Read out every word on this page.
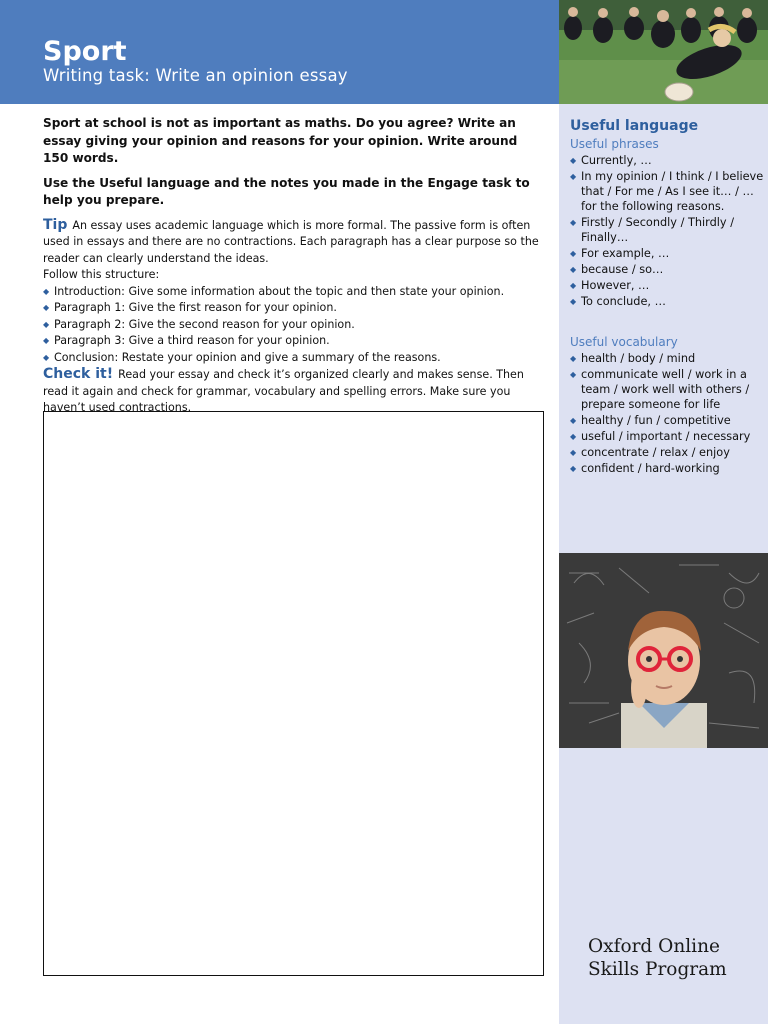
Sport
Writing task: Write an opinion essay
Useful language
Useful phrases
◆ Currently, …
◆ In my opinion / I think / I believe that / For me / As I see it… / …for the following reasons.
◆ Firstly / Secondly / Thirdly / Finally…
◆ For example, …
◆ because / so…
◆ However, …
◆ To conclude, …
Useful vocabulary
◆ health / body / mind
◆ communicate well / work in a team / work well with others / prepare someone for life
◆ healthy / fun / competitive
◆ useful / important / necessary
◆ concentrate / relax / enjoy
◆ confident / hard-working
Oxford Online
Skills Program

Sport at school is not as important as maths. Do you agree? Write an essay giving your opinion and reasons for your opinion. Write around 150 words.

Use the Useful language and the notes you made in the Engage task to help you prepare.

Tip An essay uses academic language which is more formal. The passive form is often used in essays and there are no contractions. Each paragraph has a clear purpose so the reader can clearly understand the ideas.

Follow this structure:

◆ Introduction: Give some information about the topic and then state your opinion.
◆ Paragraph 1: Give the first reason for your opinion.
◆ Paragraph 2: Give the second reason for your opinion.
◆ Paragraph 3: Give a third reason for your opinion.
◆ Conclusion: Restate your opinion and give a summary of the reasons.

Check it! Read your essay and check it’s organized clearly and makes sense. Then read it again and check for grammar, vocabulary and spelling errors. Make sure you haven’t used contractions.
